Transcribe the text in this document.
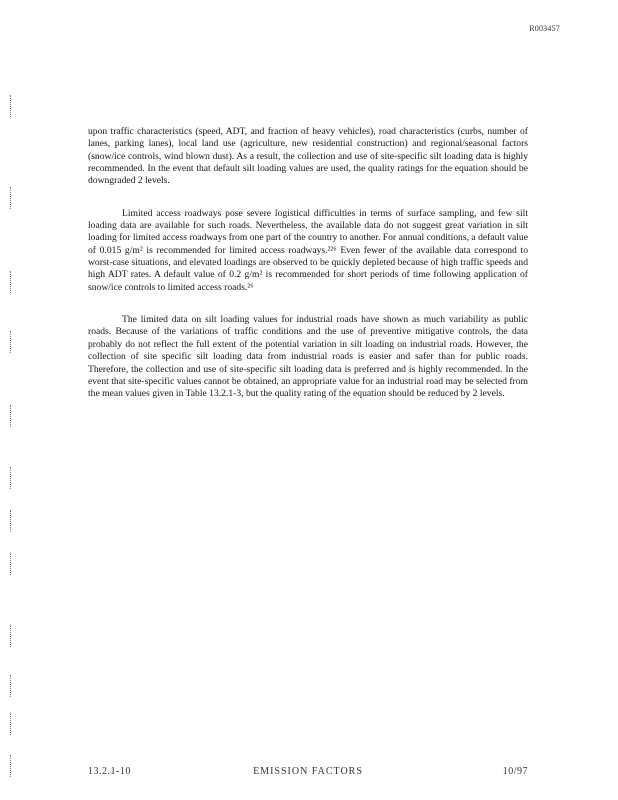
R003457

upon traffic characteristics (speed, ADT, and fraction of heavy vehicles), road characteristics (curbs, number of lanes, parking lanes), local land use (agriculture, new residential construction) and regional/seasonal factors (snow/ice controls, wind blown dust). As a result, the collection and use of site-specific silt loading data is highly recommended. In the event that default silt loading values are used, the quality ratings for the equation should be downgraded 2 levels.

Limited access roadways pose severe logistical difficulties in terms of surface sampling, and few silt loading data are available for such roads. Nevertheless, the available data do not suggest great variation in silt loading for limited access roadways from one part of the country to another. For annual conditions, a default value of 0.015 g/m² is recommended for limited access roadways.²²⁶ Even fewer of the available data correspond to worst-case situations, and elevated loadings are observed to be quickly depleted because of high traffic speeds and high ADT rates. A default value of 0.2 g/m² is recommended for short periods of time following application of snow/ice controls to limited access roads.²⁶

The limited data on silt loading values for industrial roads have shown as much variability as public roads. Because of the variations of traffic conditions and the use of preventive mitigative controls, the data probably do not reflect the full extent of the potential variation in silt loading on industrial roads. However, the collection of site specific silt loading data from industrial roads is easier and safer than for public roads. Therefore, the collection and use of site-specific silt loading data is preferred and is highly recommended. In the event that site-specific values cannot be obtained, an appropriate value for an industrial road may be selected from the mean values given in Table 13.2.1-3, but the quality rating of the equation should be reduced by 2 levels.

13.2.1-10	EMISSION FACTORS	10/97
